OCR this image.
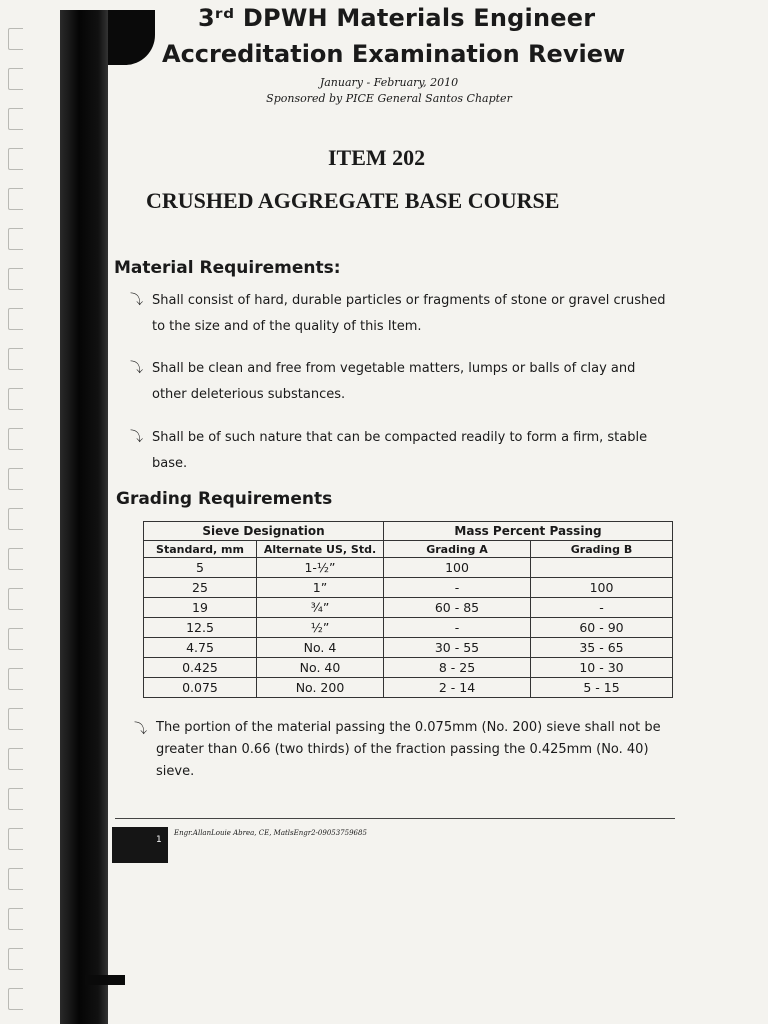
3ʳᵈ DPWH Materials Engineer
Accreditation Examination Review
January - February, 2010
Sponsored by PICE General Santos Chapter
ITEM 202
CRUSHED AGGREGATE BASE COURSE
Material Requirements:
⤵ Shall consist of hard, durable particles or fragments of stone or gravel crushed to the size and of the quality of this Item.
⤵ Shall be clean and free from vegetable matters, lumps or balls of clay and other deleterious substances.
⤵ Shall be of such nature that can be compacted readily to form a firm, stable base.
Grading Requirements
Sieve Designation		Mass Percent Passing	
Standard, mm	Alternate US, Std.	Grading A	Grading B
5	1-½”	100	
25	1”	-	100
19	¾”	60 - 85	-
12.5	½”	-	60 - 90
4.75	No. 4	30 - 55	35 - 65
0.425	No. 40	8 - 25	10 - 30
0.075	No. 200	2 - 14	5 - 15
⤵ The portion of the material passing the 0.075mm (No. 200) sieve shall not be greater than 0.66 (two thirds) of the fraction passing the 0.425mm (No. 40) sieve.
1
Engr.AllanLouie Abrea, CE, MatlsEngr2-09053759685
